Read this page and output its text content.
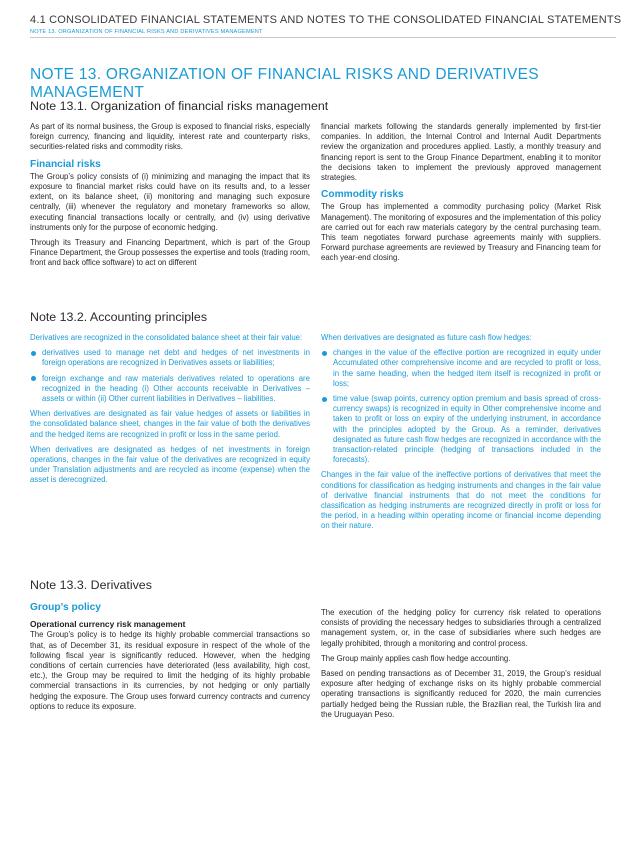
4.1 CONSOLIDATED FINANCIAL STATEMENTS AND NOTES TO THE CONSOLIDATED FINANCIAL STATEMENTS
NOTE 13. ORGANIZATION OF FINANCIAL RISKS AND DERIVATIVES MANAGEMENT
NOTE 13. ORGANIZATION OF FINANCIAL RISKS AND DERIVATIVES MANAGEMENT
Note 13.1. Organization of financial risks management

As part of its normal business, the Group is exposed to financial risks, especially foreign currency, financing and liquidity, interest rate and counterparty risks, securities-related risks and commodity risks.

Financial risks

The Group’s policy consists of (i) minimizing and managing the impact that its exposure to financial market risks could have on its results and, to a lesser extent, on its balance sheet, (ii) monitoring and managing such exposure centrally, (iii) whenever the regulatory and monetary frameworks so allow, executing financial transactions locally or centrally, and (iv) using derivative instruments only for the purpose of economic hedging.

Through its Treasury and Financing Department, which is part of the Group Finance Department, the Group possesses the expertise and tools (trading room, front and back office software) to act on different

financial markets following the standards generally implemented by first-tier companies. In addition, the Internal Control and Internal Audit Departments review the organization and procedures applied. Lastly, a monthly treasury and financing report is sent to the Group Finance Department, enabling it to monitor the decisions taken to implement the previously approved management strategies.

Commodity risks

The Group has implemented a commodity purchasing policy (Market Risk Management). The monitoring of exposures and the implementation of this policy are carried out for each raw materials category by the central purchasing team. This team negotiates forward purchase agreements mainly with suppliers. Forward purchase agreements are reviewed by Treasury and Financing team for each year-end closing.

Note 13.2. Accounting principles

Derivatives are recognized in the consolidated balance sheet at their fair value:

derivatives used to manage net debt and hedges of net investments in foreign operations are recognized in Derivatives assets or liabilities;
foreign exchange and raw materials derivatives related to operations are recognized in the heading (i) Other accounts receivable in Derivatives – assets or within (ii) Other current liabilities in Derivatives – liabilities.

When derivatives are designated as fair value hedges of assets or liabilities in the consolidated balance sheet, changes in the fair value of both the derivatives and the hedged items are recognized in profit or loss in the same period.

When derivatives are designated as hedges of net investments in foreign operations, changes in the fair value of the derivatives are recognized in equity under Translation adjustments and are recycled as income (expense) when the asset is derecognized.

When derivatives are designated as future cash flow hedges:

changes in the value of the effective portion are recognized in equity under Accumulated other comprehensive income and are recycled to profit or loss, in the same heading, when the hedged item itself is recognized in profit or loss;
time value (swap points, currency option premium and basis spread of cross-currency swaps) is recognized in equity in Other comprehensive income and taken to profit or loss on expiry of the underlying instrument, in accordance with the principles adopted by the Group. As a reminder, derivatives designated as future cash flow hedges are recognized in accordance with the transaction-related principle (hedging of transactions included in the forecasts).

Changes in the fair value of the ineffective portions of derivatives that meet the conditions for classification as hedging instruments and changes in the fair value of derivative financial instruments that do not meet the conditions for classification as hedging instruments are recognized directly in profit or loss for the period, in a heading within operating income or financial income depending on their nature.

Note 13.3. Derivatives
Group’s policy
Operational currency risk management

The Group’s policy is to hedge its highly probable commercial transactions so that, as of December 31, its residual exposure in respect of the whole of the following fiscal year is significantly reduced. However, when the hedging conditions of certain currencies have deteriorated (less availability, high cost, etc.), the Group may be required to limit the hedging of its highly probable commercial transactions in its currencies, by not hedging or only partially hedging the exposure. The Group uses forward currency contracts and currency options to reduce its exposure.

The execution of the hedging policy for currency risk related to operations consists of providing the necessary hedges to subsidiaries through a centralized management system, or, in the case of subsidiaries where such hedges are legally prohibited, through a monitoring and control process.

The Group mainly applies cash flow hedge accounting.

Based on pending transactions as of December 31, 2019, the Group’s residual exposure after hedging of exchange risks on its highly probable commercial operating transactions is significantly reduced for 2020, the main currencies partially hedged being the Russian ruble, the Brazilian real, the Turkish lira and the Uruguayan Peso.
